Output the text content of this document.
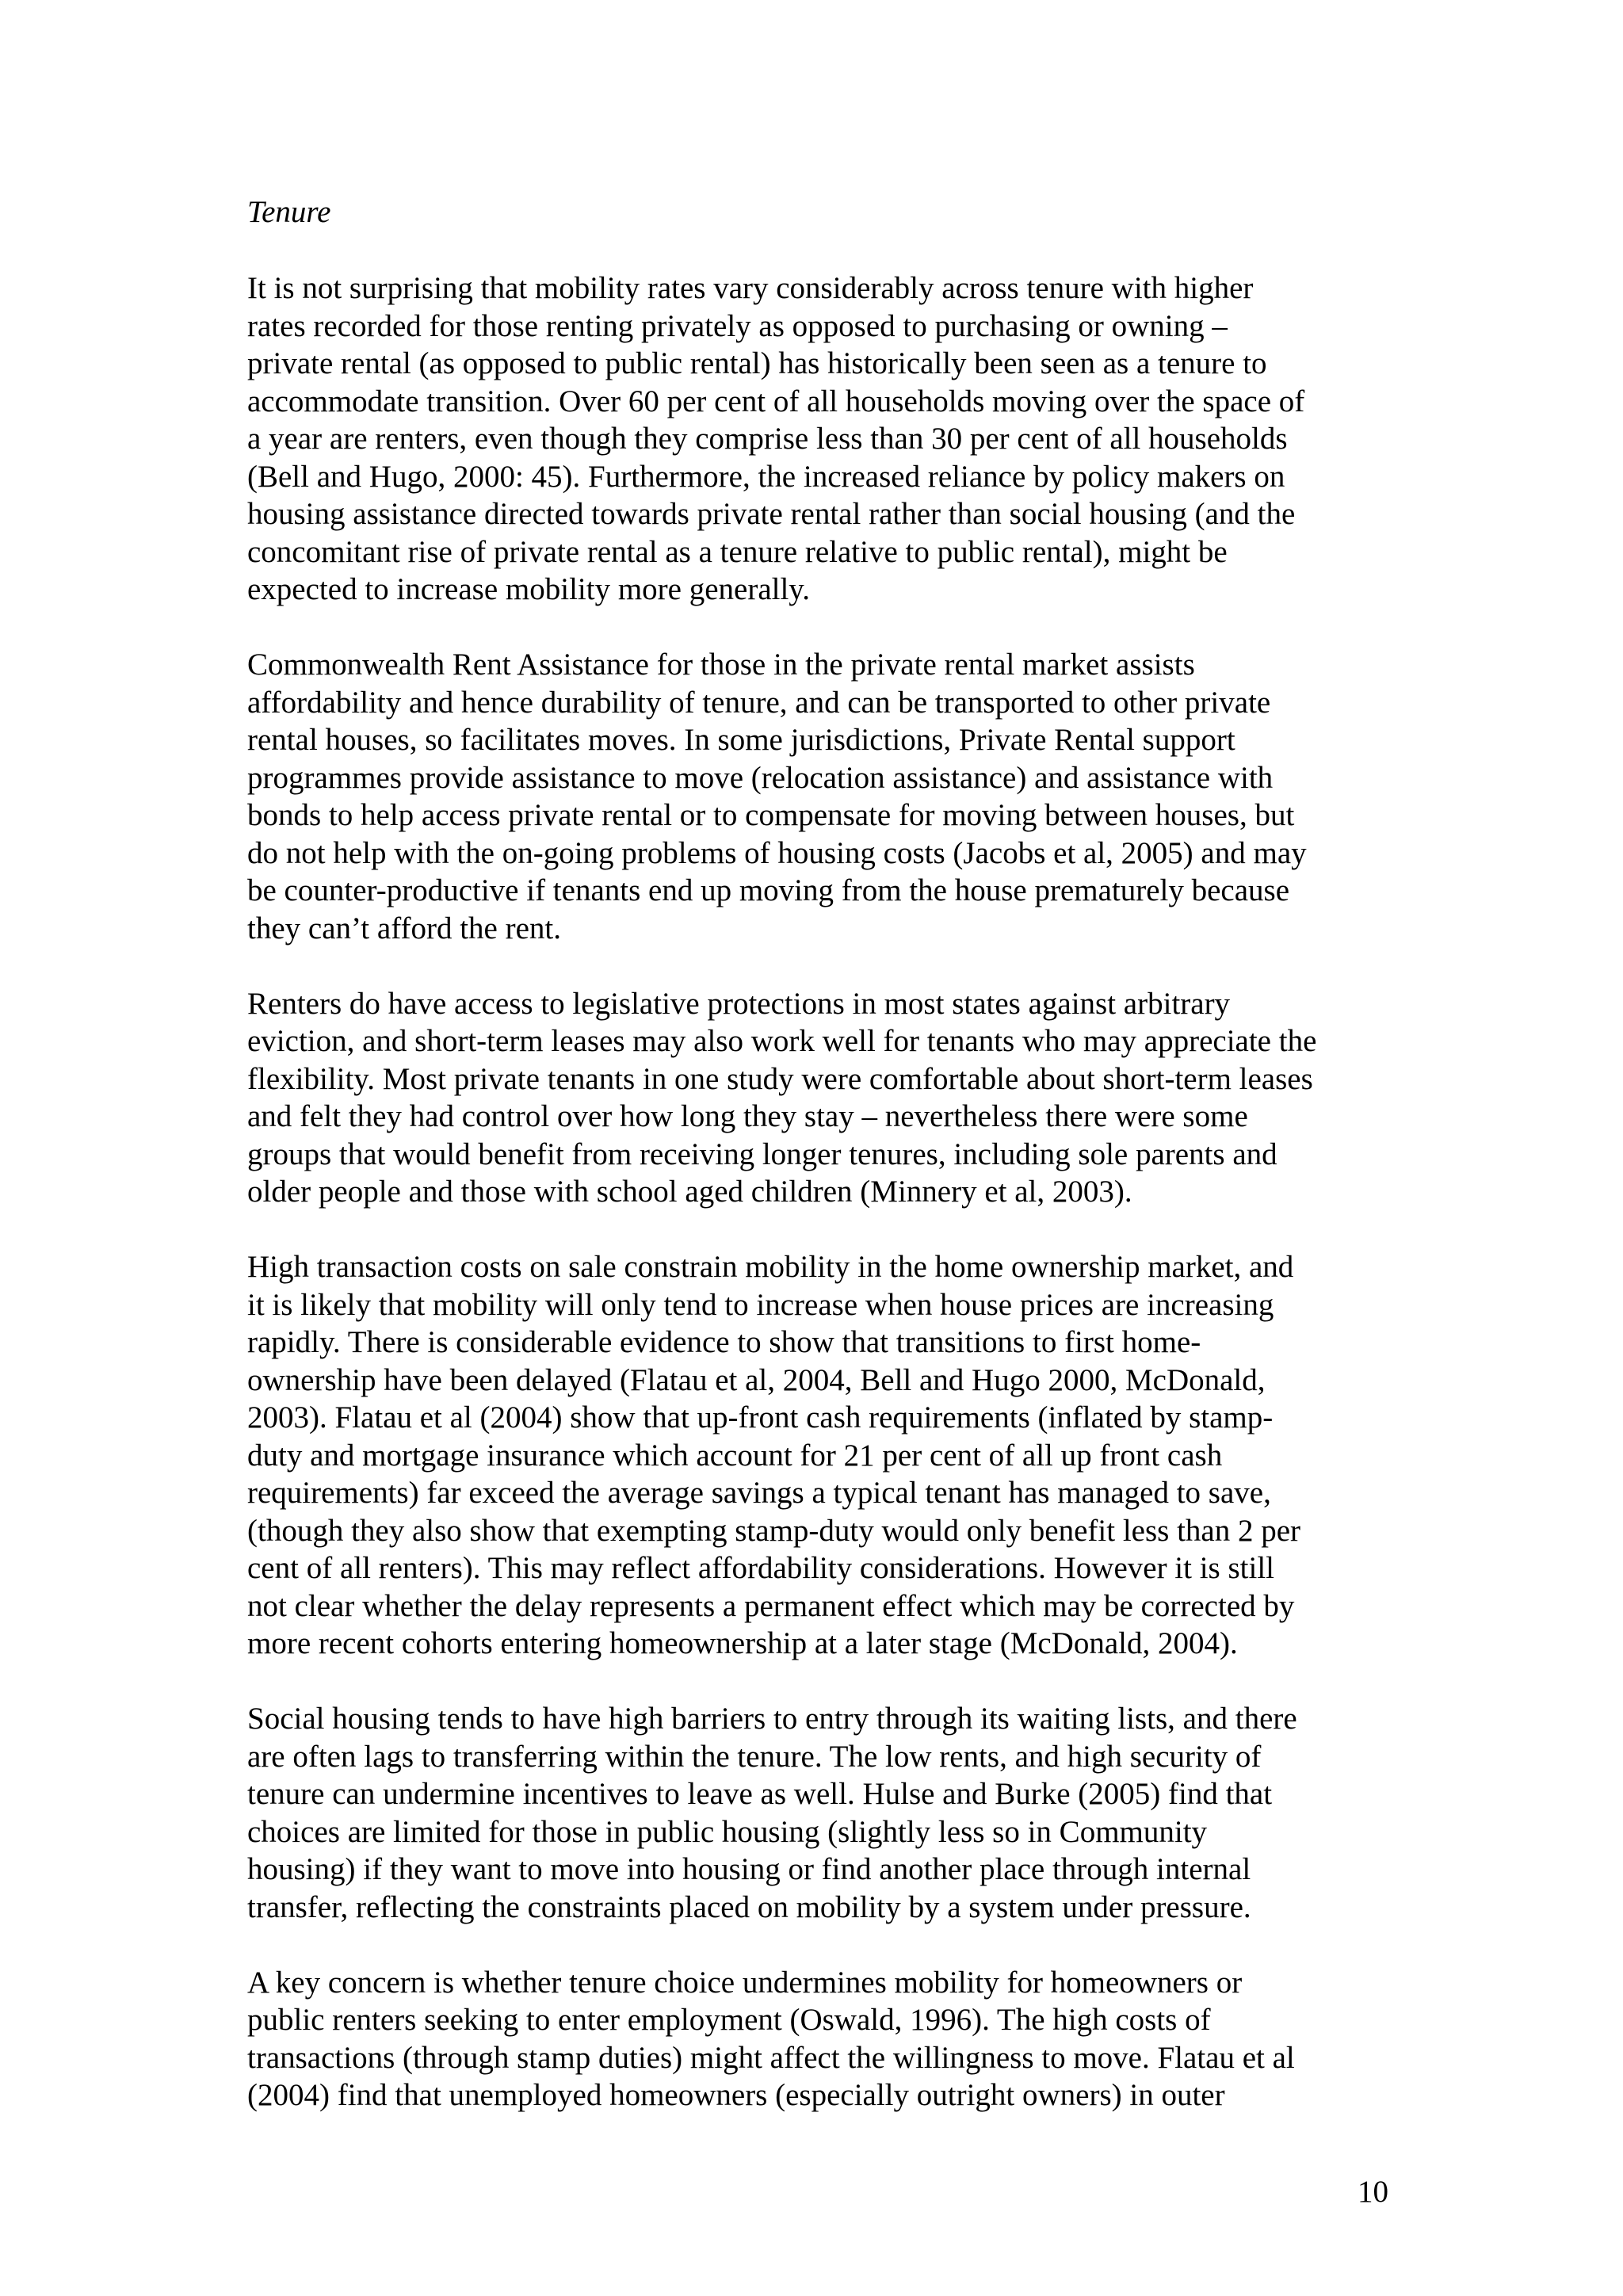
Tenure
It is not surprising that mobility rates vary considerably across tenure with higher
rates recorded for those renting privately as opposed to purchasing or owning –
private rental (as opposed to public rental) has historically been seen as a tenure to
accommodate transition. Over 60 per cent of all households moving over the space of
a year are renters, even though they comprise less than 30 per cent of all households
(Bell and Hugo, 2000: 45). Furthermore, the increased reliance by policy makers on
housing assistance directed towards private rental rather than social housing (and the
concomitant rise of private rental as a tenure relative to public rental), might be
expected to increase mobility more generally.
Commonwealth Rent Assistance for those in the private rental market assists
affordability and hence durability of tenure, and can be transported to other private
rental houses, so facilitates moves. In some jurisdictions, Private Rental support
programmes provide assistance to move (relocation assistance) and assistance with
bonds to help access private rental or to compensate for moving between houses, but
do not help with the on-going problems of housing costs (Jacobs et al, 2005) and may
be counter-productive if tenants end up moving from the house prematurely because
they can’t afford the rent.
Renters do have access to legislative protections in most states against arbitrary
eviction, and short-term leases may also work well for tenants who may appreciate the
flexibility. Most private tenants in one study were comfortable about short-term leases
and felt they had control over how long they stay – nevertheless there were some
groups that would benefit from receiving longer tenures, including sole parents and
older people and those with school aged children (Minnery et al, 2003).
High transaction costs on sale constrain mobility in the home ownership market, and
it is likely that mobility will only tend to increase when house prices are increasing
rapidly. There is considerable evidence to show that transitions to first home-
ownership have been delayed (Flatau et al, 2004, Bell and Hugo 2000, McDonald,
2003). Flatau et al (2004) show that up-front cash requirements (inflated by stamp-
duty and mortgage insurance which account for 21 per cent of all up front cash
requirements) far exceed the average savings a typical tenant has managed to save,
(though they also show that exempting stamp-duty would only benefit less than 2 per
cent of all renters). This may reflect affordability considerations. However it is still
not clear whether the delay represents a permanent effect which may be corrected by
more recent cohorts entering homeownership at a later stage (McDonald, 2004).
Social housing tends to have high barriers to entry through its waiting lists, and there
are often lags to transferring within the tenure. The low rents, and high security of
tenure can undermine incentives to leave as well. Hulse and Burke (2005) find that
choices are limited for those in public housing (slightly less so in Community
housing) if they want to move into housing or find another place through internal
transfer, reflecting the constraints placed on mobility by a system under pressure.
A key concern is whether tenure choice undermines mobility for homeowners or
public renters seeking to enter employment (Oswald, 1996). The high costs of
transactions (through stamp duties) might affect the willingness to move. Flatau et al
(2004) find that unemployed homeowners (especially outright owners) in outer
10
